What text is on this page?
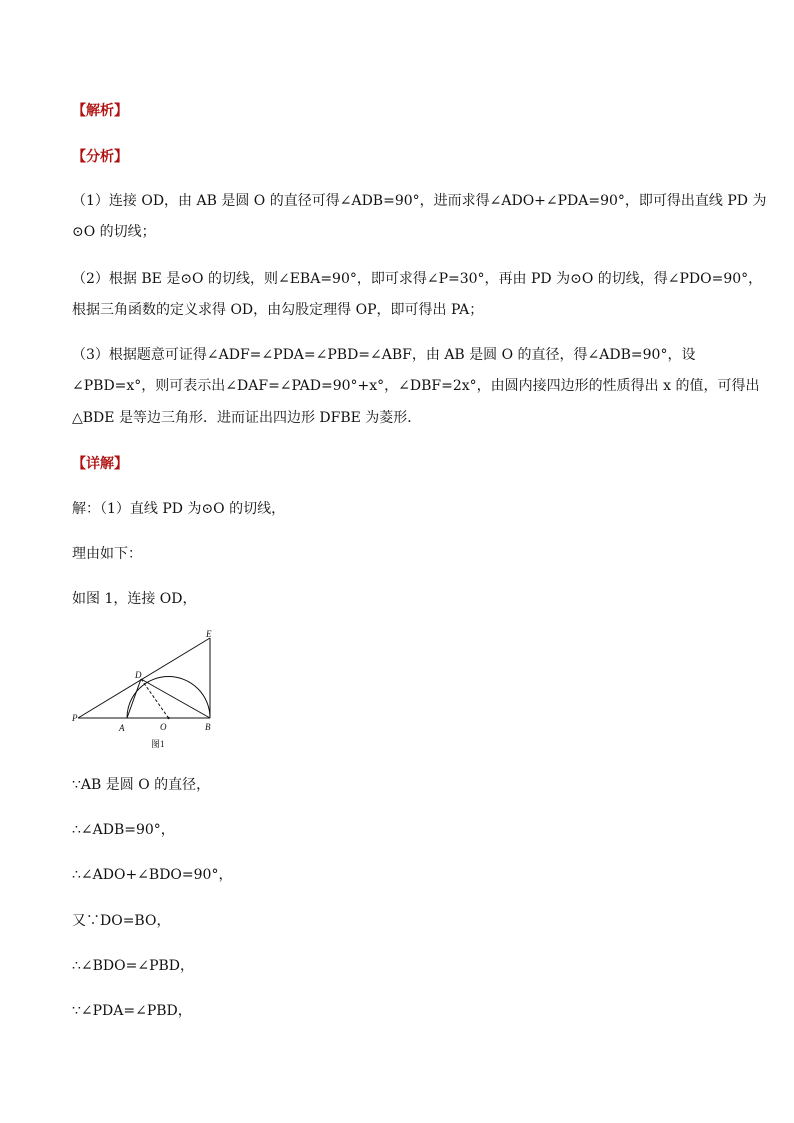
【解析】
【分析】
（1）连接 OD，由 AB 是圆 O 的直径可得∠ADB=90°，进而求得∠ADO+∠PDA=90°，即可得出直线 PD 为
⊙O 的切线；
（2）根据 BE 是⊙O 的切线，则∠EBA=90°，即可求得∠P=30°，再由 PD 为⊙O 的切线，得∠PDO=90°，
根据三角函数的定义求得 OD，由勾股定理得 OP，即可得出 PA；
（3）根据题意可证得∠ADF=∠PDA=∠PBD=∠ABF，由 AB 是圆 O 的直径，得∠ADB=90°，设
∠PBD=x°，则可表示出∠DAF=∠PAD=90°+x°，∠DBF=2x°，由圆内接四边形的性质得出 x 的值，可得出
△BDE 是等边三角形．进而证出四边形 DFBE 为菱形．
【详解】
解：（1）直线 PD 为⊙O 的切线，
理由如下：
如图 1，连接 OD，
E
D
P
A	O	B
图1
∵AB 是圆 O 的直径，
∴∠ADB=90°，
∴∠ADO+∠BDO=90°，
又∵DO=BO，
∴∠BDO=∠PBD，
∵∠PDA=∠PBD，
